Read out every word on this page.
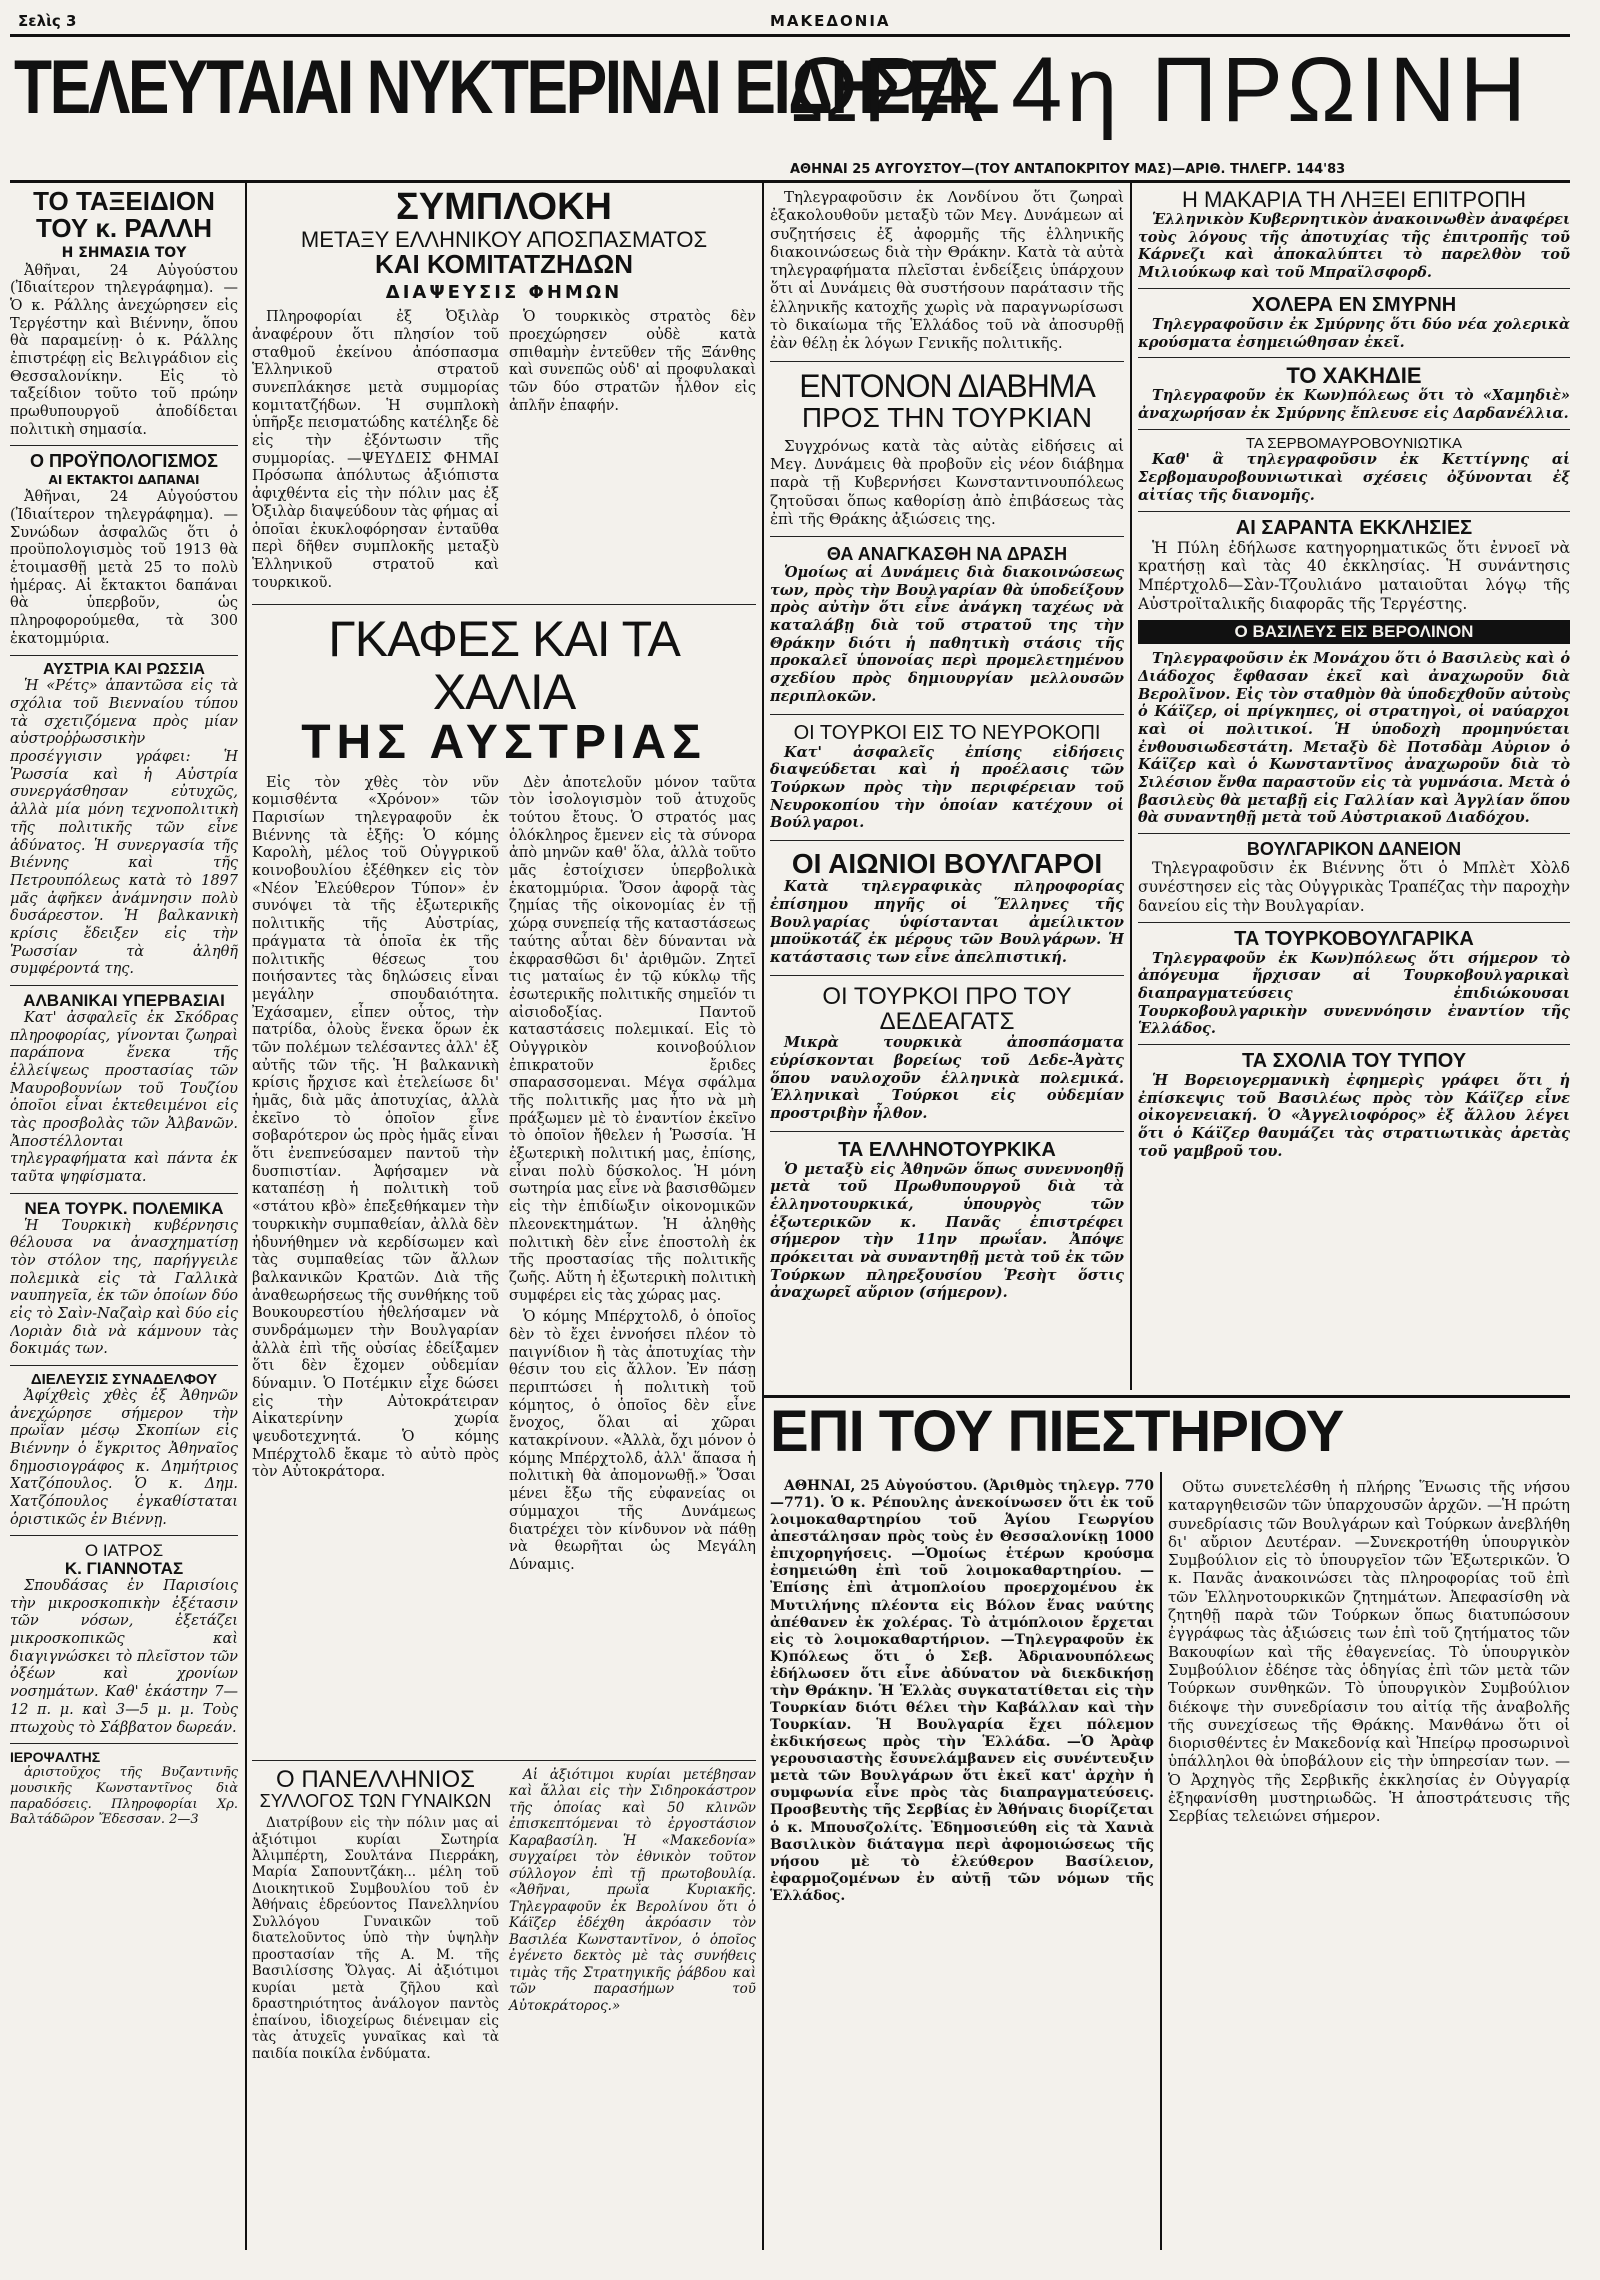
Σελὶς 3	ΜΑΚΕΔΟΝΙΑ
ΤΕΛΕΥΤΑΙΑΙ ΝΥΚΤΕΡΙΝΑΙ ΕΙΔΗΣΕΙΣ
ΩΡΑ 4η ΠΡΩΙΝΗ
ΑΘΗΝΑΙ 25 ΑΥΓΟΥΣΤΟΥ—(ΤΟΥ ΑΝΤΑΠΟΚΡΙΤΟΥ ΜΑΣ)—ΑΡΙΘ. ΤΗΛΕΓΡ. 144'83
ΤΟ ΤΑΞΕΙΔΙΟΝ ΤΟΥ κ. ΡΑΛΛΗ
Η ΣΗΜΑΣΙΑ ΤΟΥ

Ἀθῆναι, 24 Αὐγούστου (Ἰδιαίτερον τηλεγράφημα). —Ὁ κ. Ράλλης ἀνεχώρησεν εἰς Τεργέστην καὶ Βιέννην, ὅπου θὰ παραμείνῃ· ὁ κ. Ράλλης ἐπιστρέφῃ εἰς Βελιγράδιον εἰς Θεσσαλονίκην. Εἰς τὸ ταξείδιον τοῦτο τοῦ πρώην πρωθυπουργοῦ ἀποδίδεται πολιτικὴ σημασία.

Ο ΠΡΟΫΠΟΛΟΓΙΣΜΟΣ
ΑΙ ΕΚΤΑΚΤΟΙ ΔΑΠΑΝΑΙ

Ἀθῆναι, 24 Αὐγούστου (Ἰδιαίτερον τηλεγράφημα). —Συνώδων ἀσφαλῶς ὅτι ὁ προϋπολογισμὸς τοῦ 1913 θὰ ἑτοιμασθῇ μετὰ 25 το πολὺ ἡμέρας. Αἱ ἔκτακτοι δαπάναι θὰ ὑπερβοῦν, ὡς πληροφορούμεθα, τὰ 300 ἑκατομμύρια.

ΑΥΣΤΡΙΑ ΚΑΙ ΡΩΣΣΙΑ

Ἡ «Ρέτς» ἀπαντῶσα εἰς τὰ σχόλια τοῦ Βιενναίου τύπου τὰ σχετιζόμενα πρὸς μίαν αὐστροῤῥωσσικὴν προσέγγισιν γράφει: Ἡ Ῥωσσία καὶ ἡ Αὐστρία συνεργάσθησαν εὐτυχῶς, ἀλλὰ μία μόνη τεχνοπολιτικὴ τῆς πολιτικῆς τῶν εἶνε ἀδύνατος. Ἡ συνεργασία τῆς Βιέννης καὶ τῆς Πετρουπόλεως κατὰ τὸ 1897 μᾶς ἀφῆκεν ἀνάμνησιν πολὺ δυσάρεστον. Ἡ βαλκανικὴ κρίσις ἔδειξεν εἰς τὴν Ῥωσσίαν τὰ ἀληθῆ συμφέροντά της.

ΑΛΒΑΝΙΚΑΙ ΥΠΕΡΒΑΣΙΑΙ

Κατ' ἀσφαλεῖς ἐκ Σκόδρας πληροφορίας, γίνονται ζωηραὶ παράπονα ἕνεκα τῆς ἐλλείψεως προστασίας τῶν Μαυροβουνίων τοῦ Τουζίου ὁποῖοι εἶναι ἐκτεθειμένοι εἰς τὰς προσβολὰς τῶν Ἀλβανῶν. Ἀποστέλλονται τηλεγραφήματα καὶ πάντα ἐκ ταῦτα ψηφίσματα.

ΝΕΑ ΤΟΥΡΚ. ΠΟΛΕΜΙΚΑ

Ἡ Τουρκικὴ κυβέρνησις θέλουσα να ἀνασχηματίσῃ τὸν στόλον της, παρήγγειλε πολεμικὰ εἰς τὰ Γαλλικὰ ναυπηγεῖα, ἐκ τῶν ὁποίων δύο εἰς τὸ Σαὶν-Ναζαὶρ καὶ δύο εἰς Λοριὰν διὰ νὰ κάμνουν τὰς δοκιμάς των.

ΔΙΕΛΕΥΣΙΣ ΣΥΝΑΔΕΛΦΟΥ

Ἀφίχθεὶς χθὲς ἐξ Ἀθηνῶν ἀνεχώρησε σήμερον τὴν πρωΐαν μέσῳ Σκοπίων εἰς Βιέννην ὁ ἔγκριτος Ἀθηναῖος δημοσιογράφος κ. Δημήτριος Χατζόπουλος. Ὁ κ. Δημ. Χατζόπουλος ἐγκαθίσταται ὁριστικῶς ἐν Βιέννῃ.

Ο ΙΑΤΡΟΣ
Κ. ΓΙΑΝΝΟΤΑΣ

Σπουδάσας ἐν Παρισίοις τὴν μικροσκοπικὴν ἐξέτασιν τῶν νόσων, ἐξετάζει μικροσκοπικῶς καὶ διαγιγνώσκει τὸ πλεῖστον τῶν ὀξέων καὶ χρονίων νοσημάτων. Καθ' ἑκάστην 7—12 π. μ. καὶ 3—5 μ. μ. Τοὺς πτωχοὺς τὸ Σάββατον δωρεάν.

ΙΕΡΟΨΑΛΤΗΣ

ἀριστοῦχος τῆς Βυζαντινῆς μουσικῆς Κωνσταντῖνος διὰ παραδόσεις. Πληροφορίαι Χρ. Βαλτάδῶρον Ἔδεσσαν. 2—3

ΣΥΜΠΛΟΚΗ
ΜΕΤΑΞΥ ΕΛΛΗΝΙΚΟΥ ΑΠΟΣΠΑΣΜΑΤΟΣ
ΚΑΙ ΚΟΜΙΤΑΤΖΗΔΩΝ
ΔΙΑΨΕΥΣΙΣ ΦΗΜΩΝ

Πληροφορίαι ἐξ Ὀξιλὰρ ἀναφέρουν ὅτι πλησίον τοῦ σταθμοῦ ἐκείνου ἀπόσπασμα Ἑλληνικοῦ στρατοῦ συνεπλάκησε μετὰ συμμορίας κομιτατζήδων. Ἡ συμπλοκὴ ὑπῆρξε πεισματώδης κατέληξε δὲ εἰς τὴν ἐξόντωσιν τῆς συμμορίας. —ΨΕΥΔΕΙΣ ΦΗΜΑΙ Πρόσωπα ἀπόλυτως ἀξιόπιστα ἀφιχθέντα εἰς τὴν πόλιν μας ἐξ Ὀξιλὰρ διαψεύδουν τὰς φήμας αἱ ὁποῖαι ἐκυκλοφόρησαν ἐνταῦθα περὶ δῆθεν συμπλοκῆς μεταξὺ Ἑλληνικοῦ στρατοῦ καὶ τουρκικοῦ.

Ὁ τουρκικὸς στρατὸς δὲν προεχώρησεν οὐδὲ κατὰ σπιθαμὴν ἐντεῦθεν τῆς Ξάνθης καὶ συνεπῶς οὐδ' αἱ προφυλακαὶ τῶν δύο στρατῶν ἦλθον εἰς ἀπλῆν ἐπαφήν.

ΓΚΑΦΕΣ ΚΑΙ ΤΑ ΧΑΛΙΑ
ΤΗΣ ΑΥΣΤΡΙΑΣ

Εἰς τὸν χθὲς τὸν νῦν κομισθέντα «Χρόνον» τῶν Παρισίων τηλεγραφοῦν ἐκ Βιέννης τὰ ἑξῆς: Ὁ κόμης Καρολὴ, μέλος τοῦ Οὐγγρικοῦ κοινοβουλίου ἐξέθηκεν εἰς τὸν «Νέον Ἐλεύθερον Τύπον» ἐν συνόψει τὰ τῆς ἐξωτερικῆς πολιτικῆς τῆς Αὐστρίας, πράγματα τὰ ὁποῖα ἐκ τῆς πολιτικῆς θέσεως του ποιήσαντες τὰς δηλώσεις εἶναι μεγάλην σπουδαιότητα. Ἐχάσαμεν, εἶπεν οὗτος, τὴν πατρίδα, ὁλοὺς ἕνεκα ὅρων ἐκ τῶν πολέμων τελέσαντες ἀλλ' ἐξ αὐτῆς τῶν τῆς. Ἡ βαλκανικὴ κρίσις ἤρχισε καὶ ἐτελείωσε δι' ἡμᾶς, διὰ μᾶς ἀποτυχίας, ἀλλὰ ἐκεῖνο τὸ ὁποῖον εἶνε σοβαρότερον ὡς πρὸς ἡμᾶς εἶναι ὅτι ἐνεπνεύσαμεν παντοῦ τὴν δυσπιστίαν. Ἀφήσαμεν νὰ καταπέσῃ ἡ πολιτικὴ τοῦ «στάτου κβὸ» ἐπεξεθήκαμεν τὴν τουρκικὴν συμπαθείαν, ἀλλὰ δὲν ἠδυνήθημεν νὰ κερδίσωμεν καὶ τὰς συμπαθείας τῶν ἄλλων βαλκανικῶν Κρατῶν. Διὰ τῆς ἀναθεωρήσεως τῆς συνθήκης τοῦ Βουκουρεστίου ἠθελήσαμεν νὰ συνδράμωμεν τὴν Βουλγαρίαν ἀλλὰ ἐπὶ τῆς οὐσίας ἐδείξαμεν ὅτι δὲν ἔχομεν οὐδεμίαν δύναμιν. Ὁ Ποτέμκιν εἶχε δώσει εἰς τὴν Αὐτοκράτειραν Αἰκατερίνην χωρία ψευδοτεχνητά. Ὁ κόμης Μπέρχτολδ ἔκαμε τὸ αὐτὸ πρὸς τὸν Αὐτοκράτορα.

Δὲν ἀποτελοῦν μόνον ταῦτα τὸν ἰσολογισμὸν τοῦ ἀτυχοῦς τούτου ἔτους. Ὁ στρατός μας ὁλόκληρος ἔμενεν εἰς τὰ σύνορα ἀπὸ μηνῶν καθ' ὅλα, ἀλλὰ τοῦτο μᾶς ἐστοίχισεν ὑπερβολικὰ ἑκατομμύρια. Ὅσον ἀφορᾷ τὰς ζημίας τῆς οἰκονομίας ἐν τῇ χώρᾳ συνεπείᾳ τῆς καταστάσεως ταύτης αὗται δὲν δύνανται νὰ ἐκφρασθῶσι δι' ἀριθμῶν. Ζητεῖ τις ματαίως ἐν τῷ κύκλῳ τῆς ἐσωτερικῆς πολιτικῆς σημεῖόν τι αἰσιοδοξίας. Παντοῦ καταστάσεις πολεμικαί. Εἰς τὸ Οὐγγρικὸν κοινοβούλιον ἐπικρατοῦν ἔριδες σπαρασσομεναι. Μέγα σφάλμα τῆς πολιτικῆς μας ἦτο νὰ μὴ πράξωμεν μὲ τὸ ἐναντίον ἐκεῖνο τὸ ὁποῖον ἤθελεν ἡ Ῥωσσία. Ἡ ἐξωτερικὴ πολιτική μας, ἐπίσης, εἶναι πολὺ δύσκολος. Ἡ μόνη σωτηρία μας εἶνε νὰ βασισθῶμεν εἰς τὴν ἐπιδίωξιν οἰκονομικῶν πλεονεκτημάτων. Ἡ ἀληθὴς πολιτικὴ δὲν εἶνε ἐποστολὴ ἐκ τῆς προστασίας τῆς πολιτικῆς ζωῆς. Αὕτη ἡ ἐξωτερικὴ πολιτικὴ συμφέρει εἰς τὰς χώρας μας.

Ὁ κόμης Μπέρχτολδ, ὁ ὁποῖος δὲν τὸ ἔχει ἐννοήσει πλέον τὸ παιγνίδιον ἢ τὰς ἀποτυχίας τὴν θέσιν του εἰς ἄλλον. Ἐν πάσῃ περιπτώσει ἡ πολιτικὴ τοῦ κόμητος, ὁ ὁποῖος δὲν εἶνε ἔνοχος, ὅλαι αἱ χῶραι κατακρίνουν. «Ἀλλὰ, ὄχι μόνον ὁ κόμης Μπέρχτολδ, ἀλλ' ἅπασα ἡ πολιτικὴ θὰ ἀπομονωθῇ.» Ὅσαι μένει ἔξω τῆς εὐφανείας οι σύμμαχοι τῆς Δυνάμεως διατρέχει τὸν κίνδυνον νὰ πάθῃ νὰ θεωρῆται ὡς Μεγάλη Δύναμις.

Ο ΠΑΝΕΛΛΗΝΙΟΣ
ΣΥΛΛΟΓΟΣ ΤΩΝ ΓΥΝΑΙΚΩΝ

Διατρίβουν εἰς τὴν πόλιν μας αἱ ἀξιότιμοι κυρίαι Σωτηρία Ἀλιμπέρτη, Σουλτάνα Πιερράκη, Μαρία Σαπουντζάκη... μέλη τοῦ Διοικητικοῦ Συμβουλίου τοῦ ἐν Ἀθήναις ἑδρεύοντος Πανελληνίου Συλλόγου Γυναικῶν τοῦ διατελοῦντος ὑπὸ τὴν ὑψηλὴν προστασίαν τῆς Α. Μ. τῆς Βασιλίσσης Ὄλγας. Αἱ ἀξιότιμοι κυρίαι μετὰ ζῆλου καὶ δραστηριότητος ἀνάλογον παντὸς ἐπαίνου, ἰδιοχείρως διένειμαν εἰς τὰς ἀτυχεῖς γυναῖκας καὶ τὰ παιδία ποικίλα ἐνδύματα.

Αἱ ἀξιότιμοι κυρίαι μετέβησαν καὶ ἄλλαι εἰς τὴν Σιδηροκάστρον τῆς ὁποίας καὶ 50 κλινῶν ἐπισκεπτόμεναι τὸ ἐργοστάσιον Καραβασίλη. Ἡ «Μακεδονία» συγχαίρει τὸν ἐθνικὸν τοῦτον σύλλογον ἐπὶ τῇ πρωτοβουλίᾳ. «Ἀθῆναι, πρωΐα Κυριακῆς. Τηλεγραφοῦν ἐκ Βερολίνου ὅτι ὁ Κάϊζερ ἐδέχθη ἀκρόασιν τὸν Βασιλέα Κωνσταντῖνον, ὁ ὁποῖος ἐγένετο δεκτὸς μὲ τὰς συνήθεις τιμὰς τῆς Στρατηγικῆς ῥάβδου καὶ τῶν παρασήμων τοῦ Αὐτοκράτορος.»

Τηλεγραφοῦσιν ἐκ Λονδίνου ὅτι ζωηραὶ ἐξακολουθοῦν μεταξὺ τῶν Μεγ. Δυνάμεων αἱ συζητήσεις ἐξ ἀφορμῆς τῆς ἑλληνικῆς διακοινώσεως διὰ τὴν Θράκην. Κατὰ τὰ αὐτὰ τηλεγραφήματα πλεῖσται ἐνδείξεις ὑπάρχουν ὅτι αἱ Δυνάμεις θὰ συστήσουν παράτασιν τῆς ἑλληνικῆς κατοχῆς χωρὶς νὰ παραγνωρίσωσι τὸ δικαίωμα τῆς Ἑλλάδος τοῦ νὰ ἀποσυρθῇ ἐὰν θέλῃ ἐκ λόγων Γενικῆς πολιτικῆς.

ΕΝΤΟΝΟΝ ΔΙΑΒΗΜΑ
ΠΡΟΣ ΤΗΝ ΤΟΥΡΚΙΑΝ

Συγχρόνως κατὰ τὰς αὐτὰς εἰδήσεις αἱ Μεγ. Δυνάμεις θὰ προβοῦν εἰς νέον διάβημα παρὰ τῇ Κυβερνήσει Κωνσταντινουπόλεως ζητοῦσαι ὅπως καθορίσῃ ἀπὸ ἐπιβάσεως τὰς ἐπὶ τῆς Θράκης ἀξιώσεις της.

ΘΑ ΑΝΑΓΚΑΣΘΗ ΝΑ ΔΡΑΣΗ

Ὁμοίως αἱ Δυνάμεις διὰ διακοινώσεως των, πρὸς τὴν Βουλγαρίαν θὰ ὑποδείξουν πρὸς αὐτὴν ὅτι εἶνε ἀνάγκη ταχέως νὰ καταλάβῃ διὰ τοῦ στρατοῦ της τὴν Θράκην διότι ἡ παθητικὴ στάσις τῆς προκαλεῖ ὑπονοίας περὶ προμελετημένου σχεδίου πρὸς δημιουργίαν μελλουσῶν περιπλοκῶν.

ΟΙ ΤΟΥΡΚΟΙ ΕΙΣ ΤΟ ΝΕΥΡΟΚΟΠΙ

Κατ' ἀσφαλεῖς ἐπίσης εἰδήσεις διαψεύδεται καὶ ἡ προέλασις τῶν Τούρκων πρὸς τὴν περιφέρειαν τοῦ Νευροκοπίου τὴν ὁποίαν κατέχουν οἱ Βούλγαροι.

ΟΙ ΑΙΩΝΙΟΙ ΒΟΥΛΓΑΡΟΙ

Κατὰ τηλεγραφικὰς πληροφορίας ἐπίσημου πηγῆς οἱ Ἕλληνες τῆς Βουλγαρίας ὑφίστανται ἀμείλικτον μποϋκοτάζ ἐκ μέρους τῶν Βουλγάρων. Ἡ κατάστασις των εἶνε ἀπελπιστική.

ΟΙ ΤΟΥΡΚΟΙ ΠΡΟ ΤΟΥ ΔΕΔΕΑΓΑΤΣ

Μικρὰ τουρκικὰ ἀποσπάσματα εὑρίσκονται βορείως τοῦ Δεδε-Ἀγὰτς ὅπου ναυλοχοῦν ἑλληνικὰ πολεμικά. Ἑλληνικαὶ Τούρκοι εἰς οὐδεμίαν προστριβὴν ἦλθον.

ΤΑ ΕΛΛΗΝΟΤΟΥΡΚΙΚΑ

Ὁ μεταξὺ εἰς Ἀθηνῶν ὅπως συνεννοηθῇ μετὰ τοῦ Πρωθυπουργοῦ διὰ τὰ ἑλληνοτουρκικά, ὑπουργὸς τῶν ἐξωτερικῶν κ. Πανᾶς ἐπιστρέφει σήμερον τὴν 11ην πρωΐαν. Ἀπόψε πρόκειται νὰ συναντηθῇ μετὰ τοῦ ἐκ τῶν Τούρκων πληρεξουσίου Ῥεσὴτ ὅστις ἀναχωρεῖ αὔριον (σήμερον).

Η ΜΑΚΑΡΙΑ ΤΗ ΛΗΞΕΙ ΕΠΙΤΡΟΠΗ

Ἑλληνικὸν Κυβερνητικὸν ἀνακοινωθὲν ἀναφέρει τοὺς λόγους τῆς ἀποτυχίας τῆς ἐπιτροπῆς τοῦ Κάρνεζι καὶ ἀποκαλύπτει τὸ παρελθὸν τοῦ Μιλιούκωφ καὶ τοῦ Μπραϊλσφορδ.

ΧΟΛΕΡΑ ΕΝ ΣΜΥΡΝΗ

Τηλεγραφοῦσιν ἐκ Σμύρνης ὅτι δύο νέα χολερικὰ κρούσματα ἐσημειώθησαν ἐκεῖ.

ΤΟ ΧΑΚΗΔΙΕ

Τηλεγραφοῦν ἐκ Κων)πόλεως ὅτι τὸ «Χαμηδιὲ» ἀναχωρήσαν ἐκ Σμύρνης ἔπλευσε εἰς Δαρδανέλλια.

ΤΑ ΣΕΡΒΟΜΑΥΡΟΒΟΥΝΙΩΤΙΚΑ

Καθ' ἃ τηλεγραφοῦσιν ἐκ Κεττίγνης αἱ Σερβομαυροβουνιωτικαὶ σχέσεις ὀξύνονται ἐξ αἰτίας τῆς διανομῆς.

ΑΙ ΣΑΡΑΝΤΑ ΕΚΚΛΗΣΙΕΣ

Ἡ Πύλη ἐδήλωσε κατηγορηματικῶς ὅτι ἐννοεῖ νὰ κρατήσῃ καὶ τὰς 40 ἐκκλησίας. Ἡ συνάντησις Μπέρτχολδ—Σὰν-Τζουλιάνο ματαιοῦται λόγῳ τῆς Αὐστροϊταλικῆς διαφορᾶς τῆς Τεργέστης.

Ο ΒΑΣΙΛΕΥΣ ΕΙΣ ΒΕΡΟΛΙΝΟΝ

Τηλεγραφοῦσιν ἐκ Μονάχου ὅτι ὁ Βασιλεὺς καὶ ὁ Διάδοχος ἔφθασαν ἐκεῖ καὶ ἀναχωροῦν διὰ Βερολῖνον. Εἰς τὸν σταθμὸν θὰ ὑποδεχθοῦν αὐτοὺς ὁ Κάϊζερ, οἱ πρίγκηπες, οἱ στρατηγοὶ, οἱ ναύαρχοι καὶ οἱ πολιτικοί. Ἡ ὑποδοχὴ προμηνύεται ἐνθουσιωδεστάτη. Μεταξὺ δὲ Ποτσδὰμ Αὐριον ὁ Κάϊζερ καὶ ὁ Κωνσταντῖνος ἀναχωροῦν διὰ τὸ Σιλέσιον ἔνθα παραστοῦν εἰς τὰ γυμνάσια. Μετὰ ὁ βασιλεὺς θὰ μεταβῇ εἰς Γαλλίαν καὶ Ἀγγλίαν ὅπου θὰ συναντηθῇ μετὰ τοῦ Αὐστριακοῦ Διαδόχου.

ΒΟΥΛΓΑΡΙΚΟΝ ΔΑΝΕΙΟΝ

Τηλεγραφοῦσιν ἐκ Βιέννης ὅτι ὁ Μπλὲτ Χὸλδ συνέστησεν εἰς τὰς Οὐγγρικὰς Τραπέζας τὴν παροχὴν δανείου εἰς τὴν Βουλγαρίαν.

ΤΑ ΤΟΥΡΚΟΒΟΥΛΓΑΡΙΚΑ

Τηλεγραφοῦν ἐκ Κων)πόλεως ὅτι σήμερον τὸ ἀπόγευμα ἤρχισαν αἱ Τουρκοβουλγαρικαὶ διαπραγματεύσεις ἐπιδιώκουσαι Τουρκοβουλγαρικὴν συνεννόησιν ἐναντίον τῆς Ἑλλάδος.

ΤΑ ΣΧΟΛΙΑ ΤΟΥ ΤΥΠΟΥ

Ἡ Βορειογερμανικὴ ἐφημερὶς γράφει ὅτι ἡ ἐπίσκεψις τοῦ Βασιλέως πρὸς τὸν Κάϊζερ εἶνε οἰκογενειακή. Ὁ «Ἀγγελιοφόρος» ἐξ ἄλλου λέγει ὅτι ὁ Κάϊζερ θαυμάζει τὰς στρατιωτικὰς ἀρετὰς τοῦ γαμβροῦ του.

ΕΠΙ ΤΟΥ ΠΙΕΣΤΗΡΙΟΥ

ΑΘΗΝΑΙ, 25 Αὐγούστου. (Ἀριθμὸς τηλεγρ. 770—771). Ὁ κ. Ρέπουλης ἀνεκοίνωσεν ὅτι ἐκ τοῦ λοιμοκαθαρτηρίου τοῦ Ἁγίου Γεωργίου ἀπεστάλησαν πρὸς τοὺς ἐν Θεσσαλονίκῃ 1000 ἐπιχορηγήσεις. —Ὁμοίως ἑτέρων κρούσμα ἐσημειώθη ἐπὶ τοῦ λοιμοκαθαρτηρίου. —Ἐπίσης ἐπὶ ἀτμοπλοίου προερχομένου ἐκ Μυτιλήνης πλέοντα εἰς Βόλον ἕνας ναύτης ἀπέθανεν ἐκ χολέρας. Τὸ ἀτμόπλοιον ἔρχεται εἰς τὸ λοιμοκαθαρτήριον. —Τηλεγραφοῦν ἐκ Κ)πόλεως ὅτι ὁ Σεβ. Ἀδριανουπόλεως ἐδήλωσεν ὅτι εἶνε ἀδύνατον νὰ διεκδικήσῃ τὴν Θράκην. Ἡ Ἑλλὰς συγκατατίθεται εἰς τὴν Τουρκίαν διότι θέλει τὴν Καβάλλαν καὶ τὴν Τουρκίαν. Ἡ Βουλγαρία ἔχει πόλεμον ἐκδικήσεως πρὸς τὴν Ἑλλάδα. —Ὁ Ἀρὰφ γερουσιαστὴς ἔσυνελάμβανεν εἰς συνέντευξιν μετὰ τῶν Βουλγάρων ὅτι ἐκεῖ κατ' ἀρχὴν ἡ συμφωνία εἶνε πρὸς τὰς διαπραγματεύσεις. Προσβευτὴς τῆς Σερβίας ἐν Ἀθήναις διορίζεται ὁ κ. Μπουσζολίτς. Ἐδημοσιεύθη εἰς τὰ Χανιὰ Βασιλικὸν διάταγμα περὶ ἀφομοιώσεως τῆς νήσου μὲ τὸ ἐλεύθερον Βασίλειον, ἐφαρμοζομένων ἐν αὐτῇ τῶν νόμων τῆς Ἑλλάδος.

Οὕτω συνετελέσθη ἡ πλήρης Ἕνωσις τῆς νήσου καταργηθεισῶν τῶν ὑπαρχουσῶν ἀρχῶν. —Ἡ πρώτη συνεδρίασις τῶν Βουλγάρων καὶ Τούρκων ἀνεβλήθη δι' αὔριον Δευτέραν. —Συνεκροτήθη ὑπουργικὸν Συμβούλιον εἰς τὸ ὑπουργεῖον τῶν Ἐξωτερικῶν. Ὁ κ. Πανᾶς ἀνακοινώσει τὰς πληροφορίας τοῦ ἐπὶ τῶν Ἑλληνοτουρκικῶν ζητημάτων. Ἀπεφασίσθη νὰ ζητηθῇ παρὰ τῶν Τούρκων ὅπως διατυπώσουν ἐγγράφως τὰς ἀξιώσεις των ἐπὶ τοῦ ζητήματος τῶν Βακουφίων καὶ τῆς ἐθαγενείας. Τὸ ὑπουργικὸν Συμβούλιον ἐδέησε τὰς ὁδηγίας ἐπὶ τῶν μετὰ τῶν Τούρκων συνθηκῶν. Τὸ ὑπουργικὸν Συμβούλιον διέκοψε τὴν συνεδρίασιν του αἰτίᾳ τῆς ἀναβολῆς τῆς συνεχίσεως τῆς Θράκης. Μανθάνω ὅτι οἱ διορισθέντες ἐν Μακεδονίᾳ καὶ Ἠπείρῳ προσωρινοὶ ὑπάλληλοι θὰ ὑποβάλουν εἰς τὴν ὑπηρεσίαν των. —Ὁ Ἀρχηγὸς τῆς Σερβικῆς ἐκκλησίας ἐν Οὐγγαρίᾳ ἐξηφανίσθη μυστηριωδῶς. Ἡ ἀποστράτευσις τῆς Σερβίας τελειώνει σήμερον.
